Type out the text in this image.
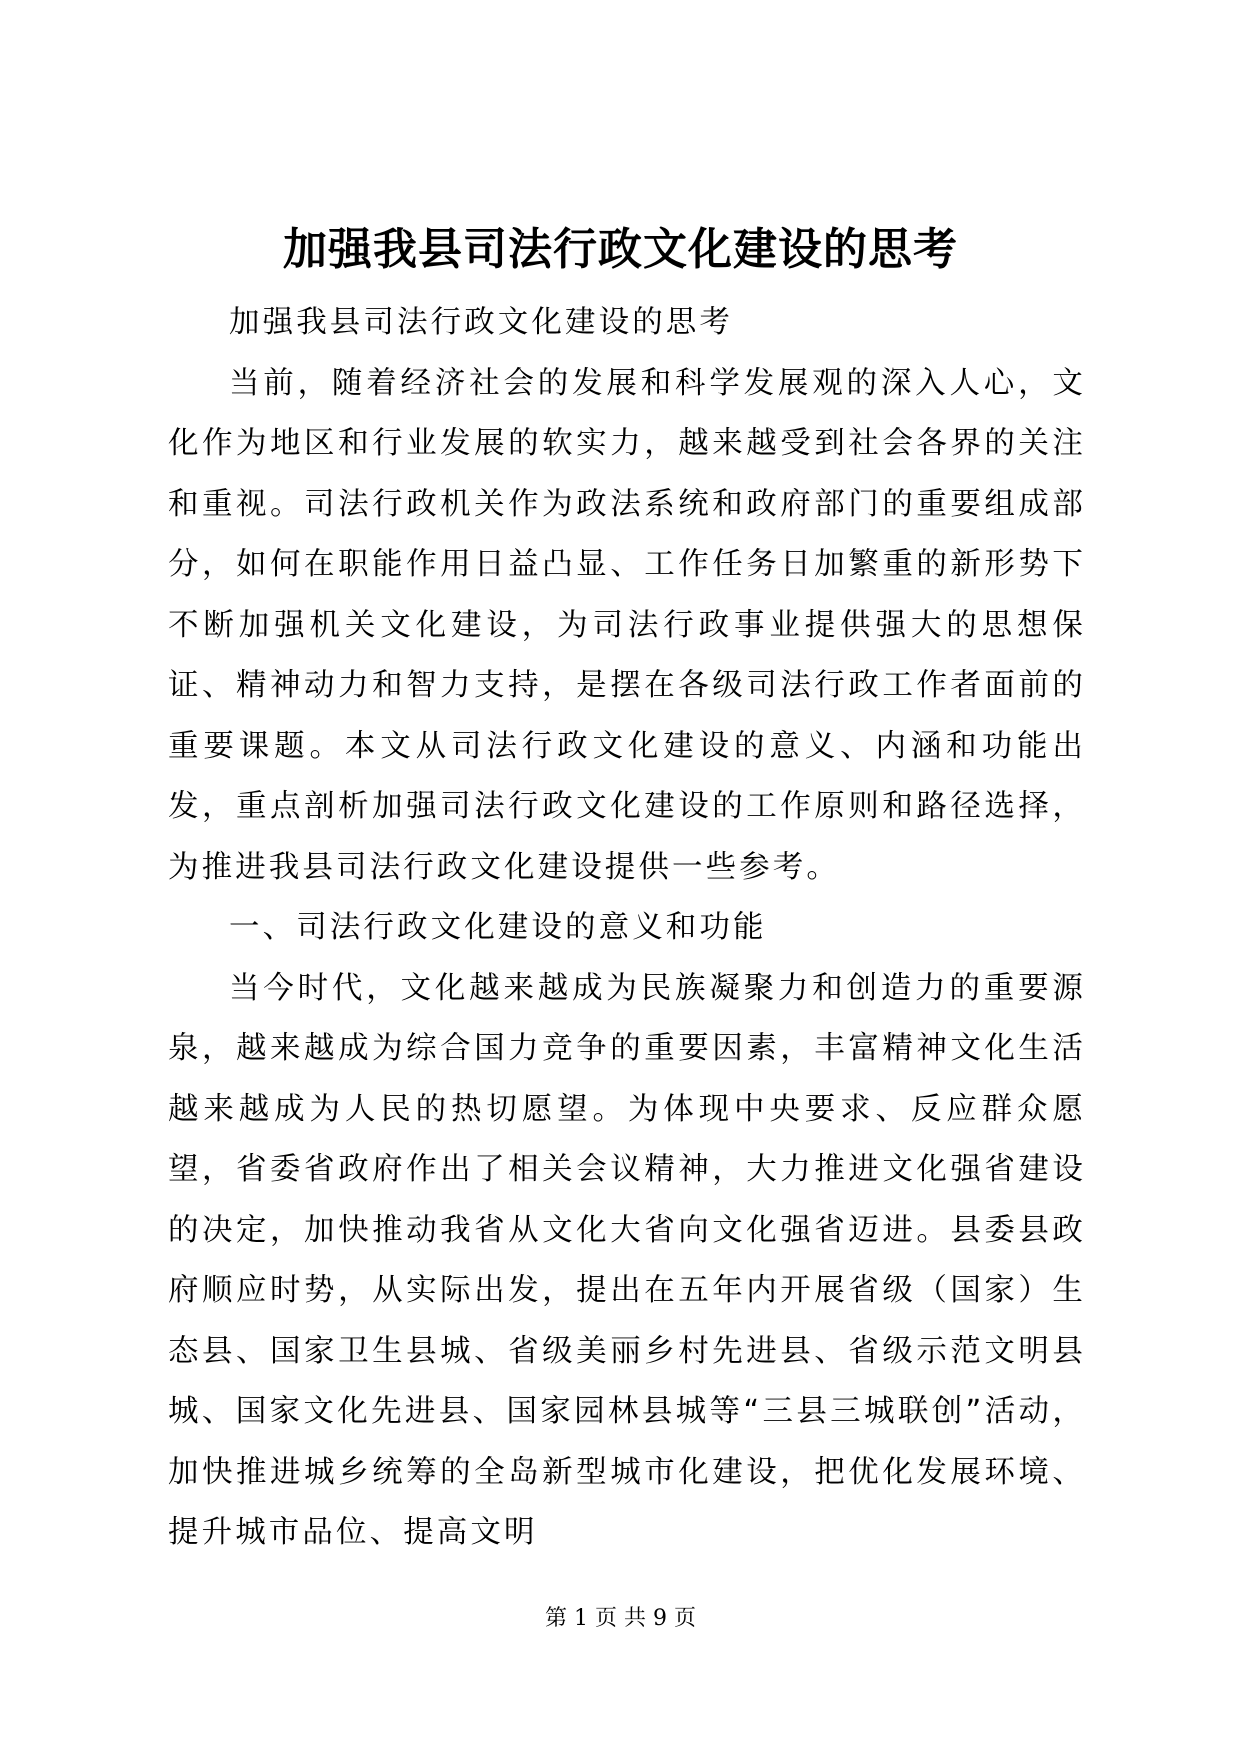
加强我县司法行政文化建设的思考

加强我县司法行政文化建设的思考

当前，随着经济社会的发展和科学发展观的深入人心，文化作为地区和行业发展的软实力，越来越受到社会各界的关注和重视。司法行政机关作为政法系统和政府部门的重要组成部分，如何在职能作用日益凸显、工作任务日加繁重的新形势下不断加强机关文化建设，为司法行政事业提供强大的思想保证、精神动力和智力支持，是摆在各级司法行政工作者面前的重要课题。本文从司法行政文化建设的意义、内涵和功能出发，重点剖析加强司法行政文化建设的工作原则和路径选择，为推进我县司法行政文化建设提供一些参考。

一、司法行政文化建设的意义和功能

当今时代，文化越来越成为民族凝聚力和创造力的重要源泉，越来越成为综合国力竞争的重要因素，丰富精神文化生活越来越成为人民的热切愿望。为体现中央要求、反应群众愿望，省委省政府作出了相关会议精神，大力推进文化强省建设的决定，加快推动我省从文化大省向文化强省迈进。县委县政府顺应时势，从实际出发，提出在五年内开展省级（国家）生态县、国家卫生县城、省级美丽乡村先进县、省级示范文明县城、国家文化先进县、国家园林县城等“三县三城联创”活动，加快推进城乡统筹的全岛新型城市化建设，把优化发展环境、提升城市品位、提高文明

第 1 页 共 9 页
